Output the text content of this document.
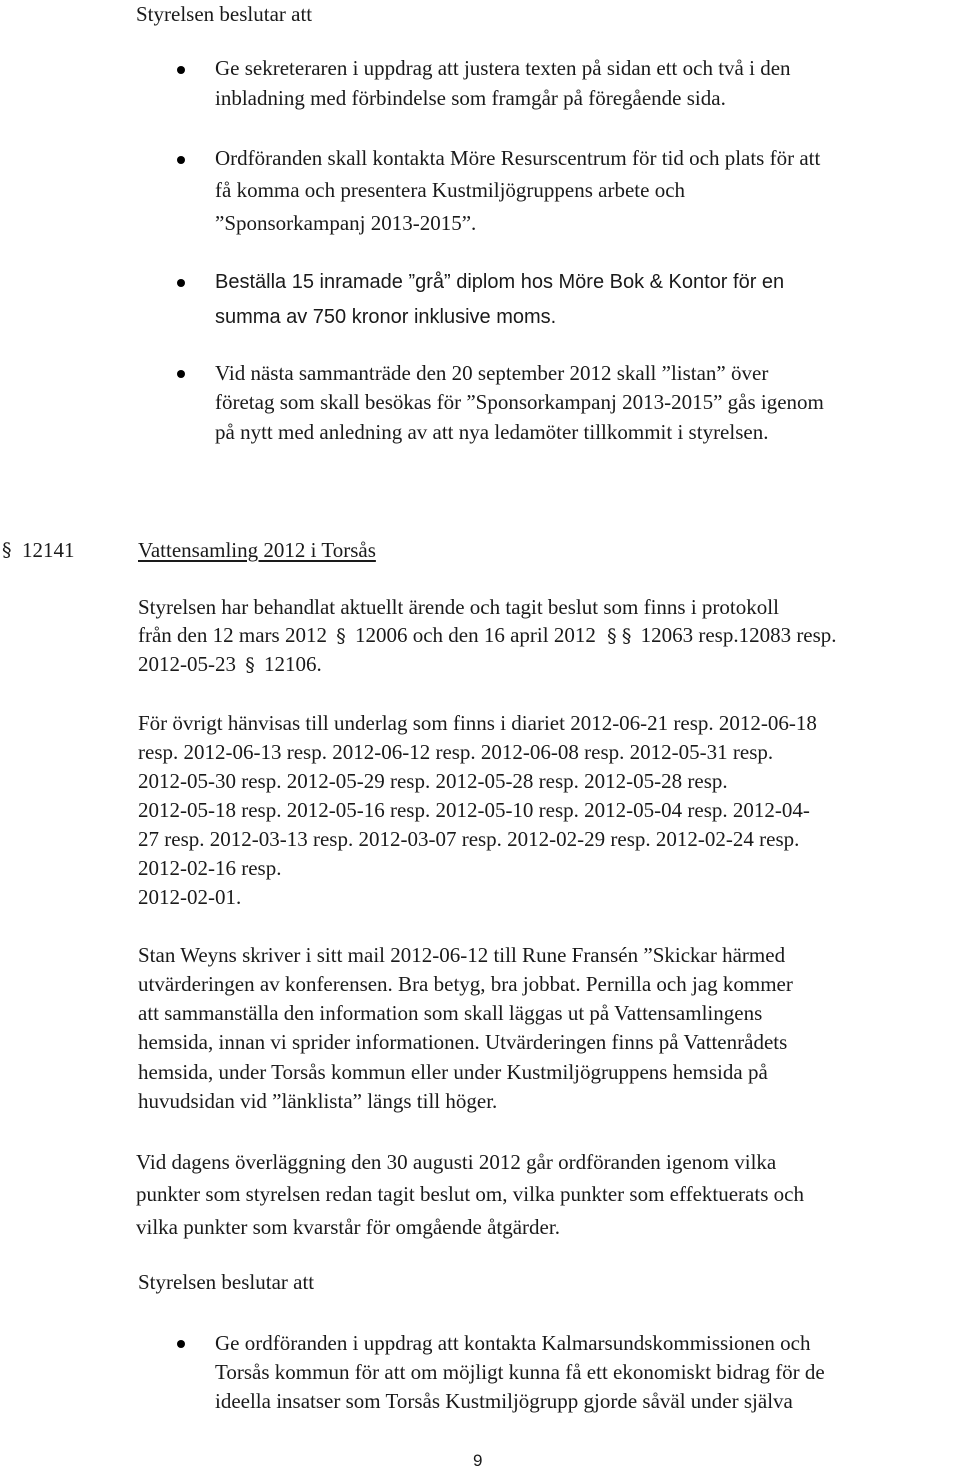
Styrelsen beslutar att
Ge sekreteraren i uppdrag att justera texten på sidan ett och två i den
inbladning med förbindelse som framgår på föregående sida.
Ordföranden skall kontakta Möre Resurscentrum för tid och plats för att
få komma och presentera Kustmiljögruppens arbete och
”Sponsorkampanj 2013-2015”.
Beställa 15 inramade ”grå” diplom hos Möre Bok & Kontor för en
summa av 750 kronor inklusive moms.
Vid nästa sammanträde den 20 september 2012 skall ”listan” över
företag som skall besökas för ”Sponsorkampanj 2013-2015” gås igenom
på nytt med anledning av att nya ledamöter tillkommit i styrelsen.
§ 12141	Vattensamling 2012 i Torsås
Styrelsen har behandlat aktuellt ärende och tagit beslut som finns i protokoll
från den 12 mars 2012 § 12006 och den 16 april 2012 § § 12063 resp.12083 resp.
2012-05-23 § 12106.
För övrigt hänvisas till underlag som finns i diariet 2012-06-21 resp. 2012-06-18
resp. 2012-06-13 resp. 2012-06-12 resp. 2012-06-08 resp. 2012-05-31 resp.
2012-05-30 resp. 2012-05-29 resp. 2012-05-28 resp. 2012-05-28 resp.
2012-05-18 resp. 2012-05-16 resp. 2012-05-10 resp. 2012-05-04 resp. 2012-04-
27 resp. 2012-03-13 resp. 2012-03-07 resp. 2012-02-29 resp. 2012-02-24 resp.
2012-02-16 resp.
2012-02-01.
Stan Weyns skriver i sitt mail 2012-06-12 till Rune Fransén ”Skickar härmed
utvärderingen av konferensen. Bra betyg, bra jobbat. Pernilla och jag kommer
att sammanställa den information som skall läggas ut på Vattensamlingens
hemsida, innan vi sprider informationen. Utvärderingen finns på Vattenrådets
hemsida, under Torsås kommun eller under Kustmiljögruppens hemsida på
huvudsidan vid ”länklista” längs till höger.
Vid dagens överläggning den 30 augusti 2012 går ordföranden igenom vilka
punkter som styrelsen redan tagit beslut om, vilka punkter som effektuerats och
vilka punkter som kvarstår för omgående åtgärder.
Styrelsen beslutar att
Ge ordföranden i uppdrag att kontakta Kalmarsundskommissionen och
Torsås kommun för att om möjligt kunna få ett ekonomiskt bidrag för de
ideella insatser som Torsås Kustmiljögrupp gjorde såväl under själva
9
